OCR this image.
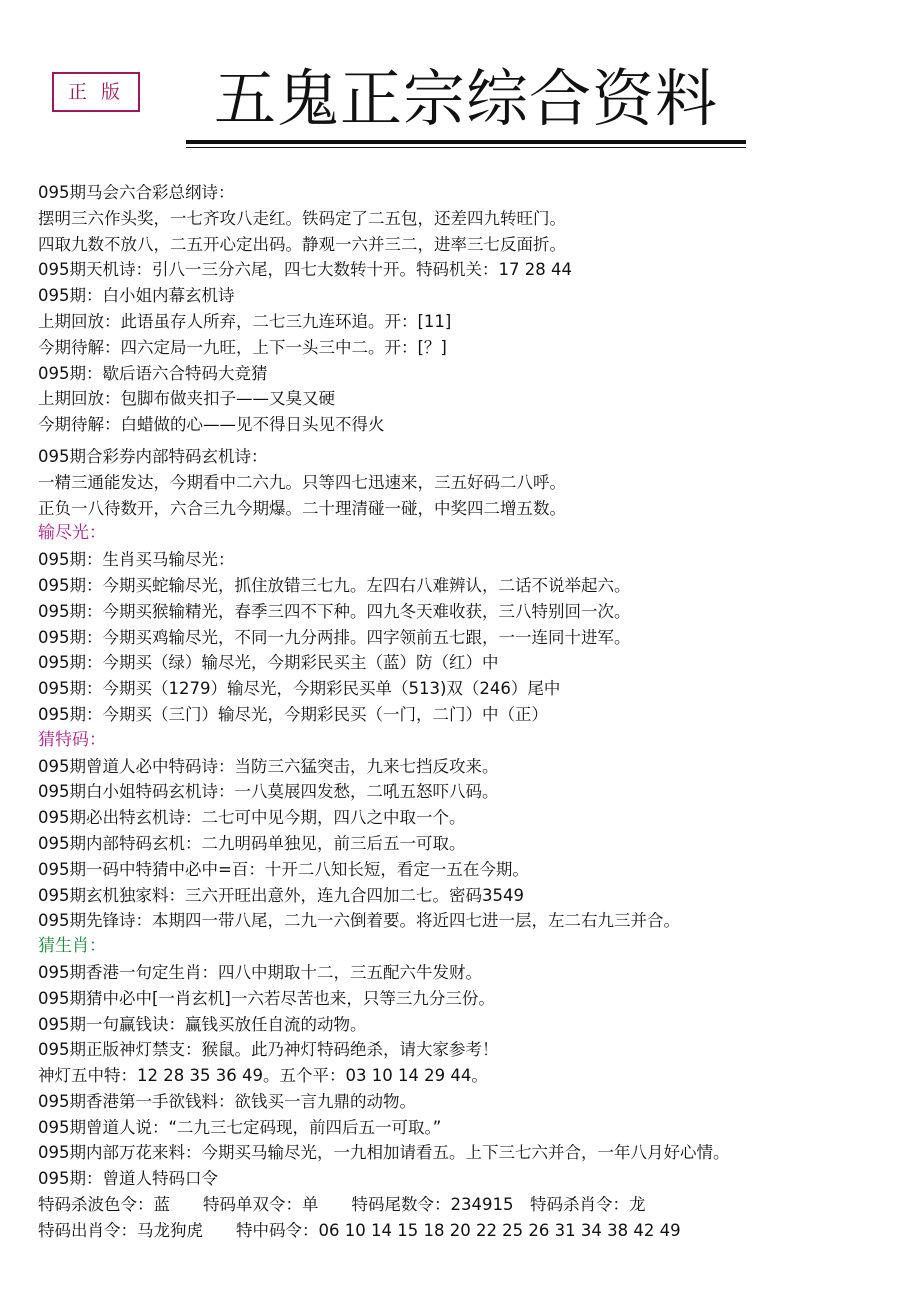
正 版	五鬼正宗综合资料
095期马会六合彩总纲诗：
摆明三六作头奖，一七齐攻八走红。铁码定了二五包，还差四九转旺门。
四取九数不放八，二五开心定出码。静观一六并三二，进率三七反面折。
095期天机诗：引八一三分六尾，四七大数转十开。特码机关：17 28 44
095期：白小姐内幕玄机诗
上期回放：此语虽存人所弃，二七三九连环追。开：[11]
今期待解：四六定局一九旺，上下一头三中二。开：[？]
095期：歇后语六合特码大竞猜
上期回放：包脚布做夹扣子——又臭又硬
今期待解：白蜡做的心——见不得日头见不得火
095期合彩券内部特码玄机诗：
一精三通能发达，今期看中二六九。只等四七迅速来，三五好码二八呼。
正负一八待数开，六合三九今期爆。二十理清碰一碰，中奖四二增五数。
输尽光：
095期：生肖买马输尽光：
095期：今期买蛇输尽光，抓住放错三七九。左四右八难辨认，二话不说举起六。
095期：今期买猴输精光，春季三四不下种。四九冬天难收获，三八特别回一次。
095期：今期买鸡输尽光，不同一九分两排。四字领前五七跟，一一连同十进军。
095期：今期买（绿）输尽光，今期彩民买主（蓝）防（红）中
095期：今期买（1279）输尽光，今期彩民买单（513)双（246）尾中
095期：今期买（三门）输尽光，今期彩民买（一门，二门）中（正）
猜特码：
095期曾道人必中特码诗：当防三六猛突击，九来七挡反攻来。
095期白小姐特码玄机诗：一八莫展四发愁，二吼五怒吓八码。
095期必出特玄机诗：二七可中见今期，四八之中取一个。
095期内部特码玄机：二九明码单独见，前三后五一可取。
095期一码中特猜中必中=百：十开二八知长短，看定一五在今期。
095期玄机独家料：三六开旺出意外，连九合四加二七。密码3549
095期先锋诗：本期四一带八尾，二九一六倒着要。将近四七进一层，左二右九三并合。
猜生肖：
095期香港一句定生肖：四八中期取十二，三五配六牛发财。
095期猜中必中[一肖玄机]一六若尽苦也来，只等三九分三份。
095期一句赢钱诀：赢钱买放任自流的动物。
095期正版神灯禁支：猴鼠。此乃神灯特码绝杀，请大家参考！
神灯五中特：12 28 35 36 49。五个平：03 10 14 29 44。
095期香港第一手欲钱料：欲钱买一言九鼎的动物。
095期曾道人说：“二九三七定码现，前四后五一可取。”
095期内部万花来料：今期买马输尽光，一九相加请看五。上下三七六并合，一年八月好心情。
095期：曾道人特码口令
特码杀波色令：蓝　　特码单双令：单　　特码尾数令：234915　特码杀肖令：龙
特码出肖令：马龙狗虎　　特中码令：06 10 14 15 18 20 22 25 26 31 34 38 42 49
